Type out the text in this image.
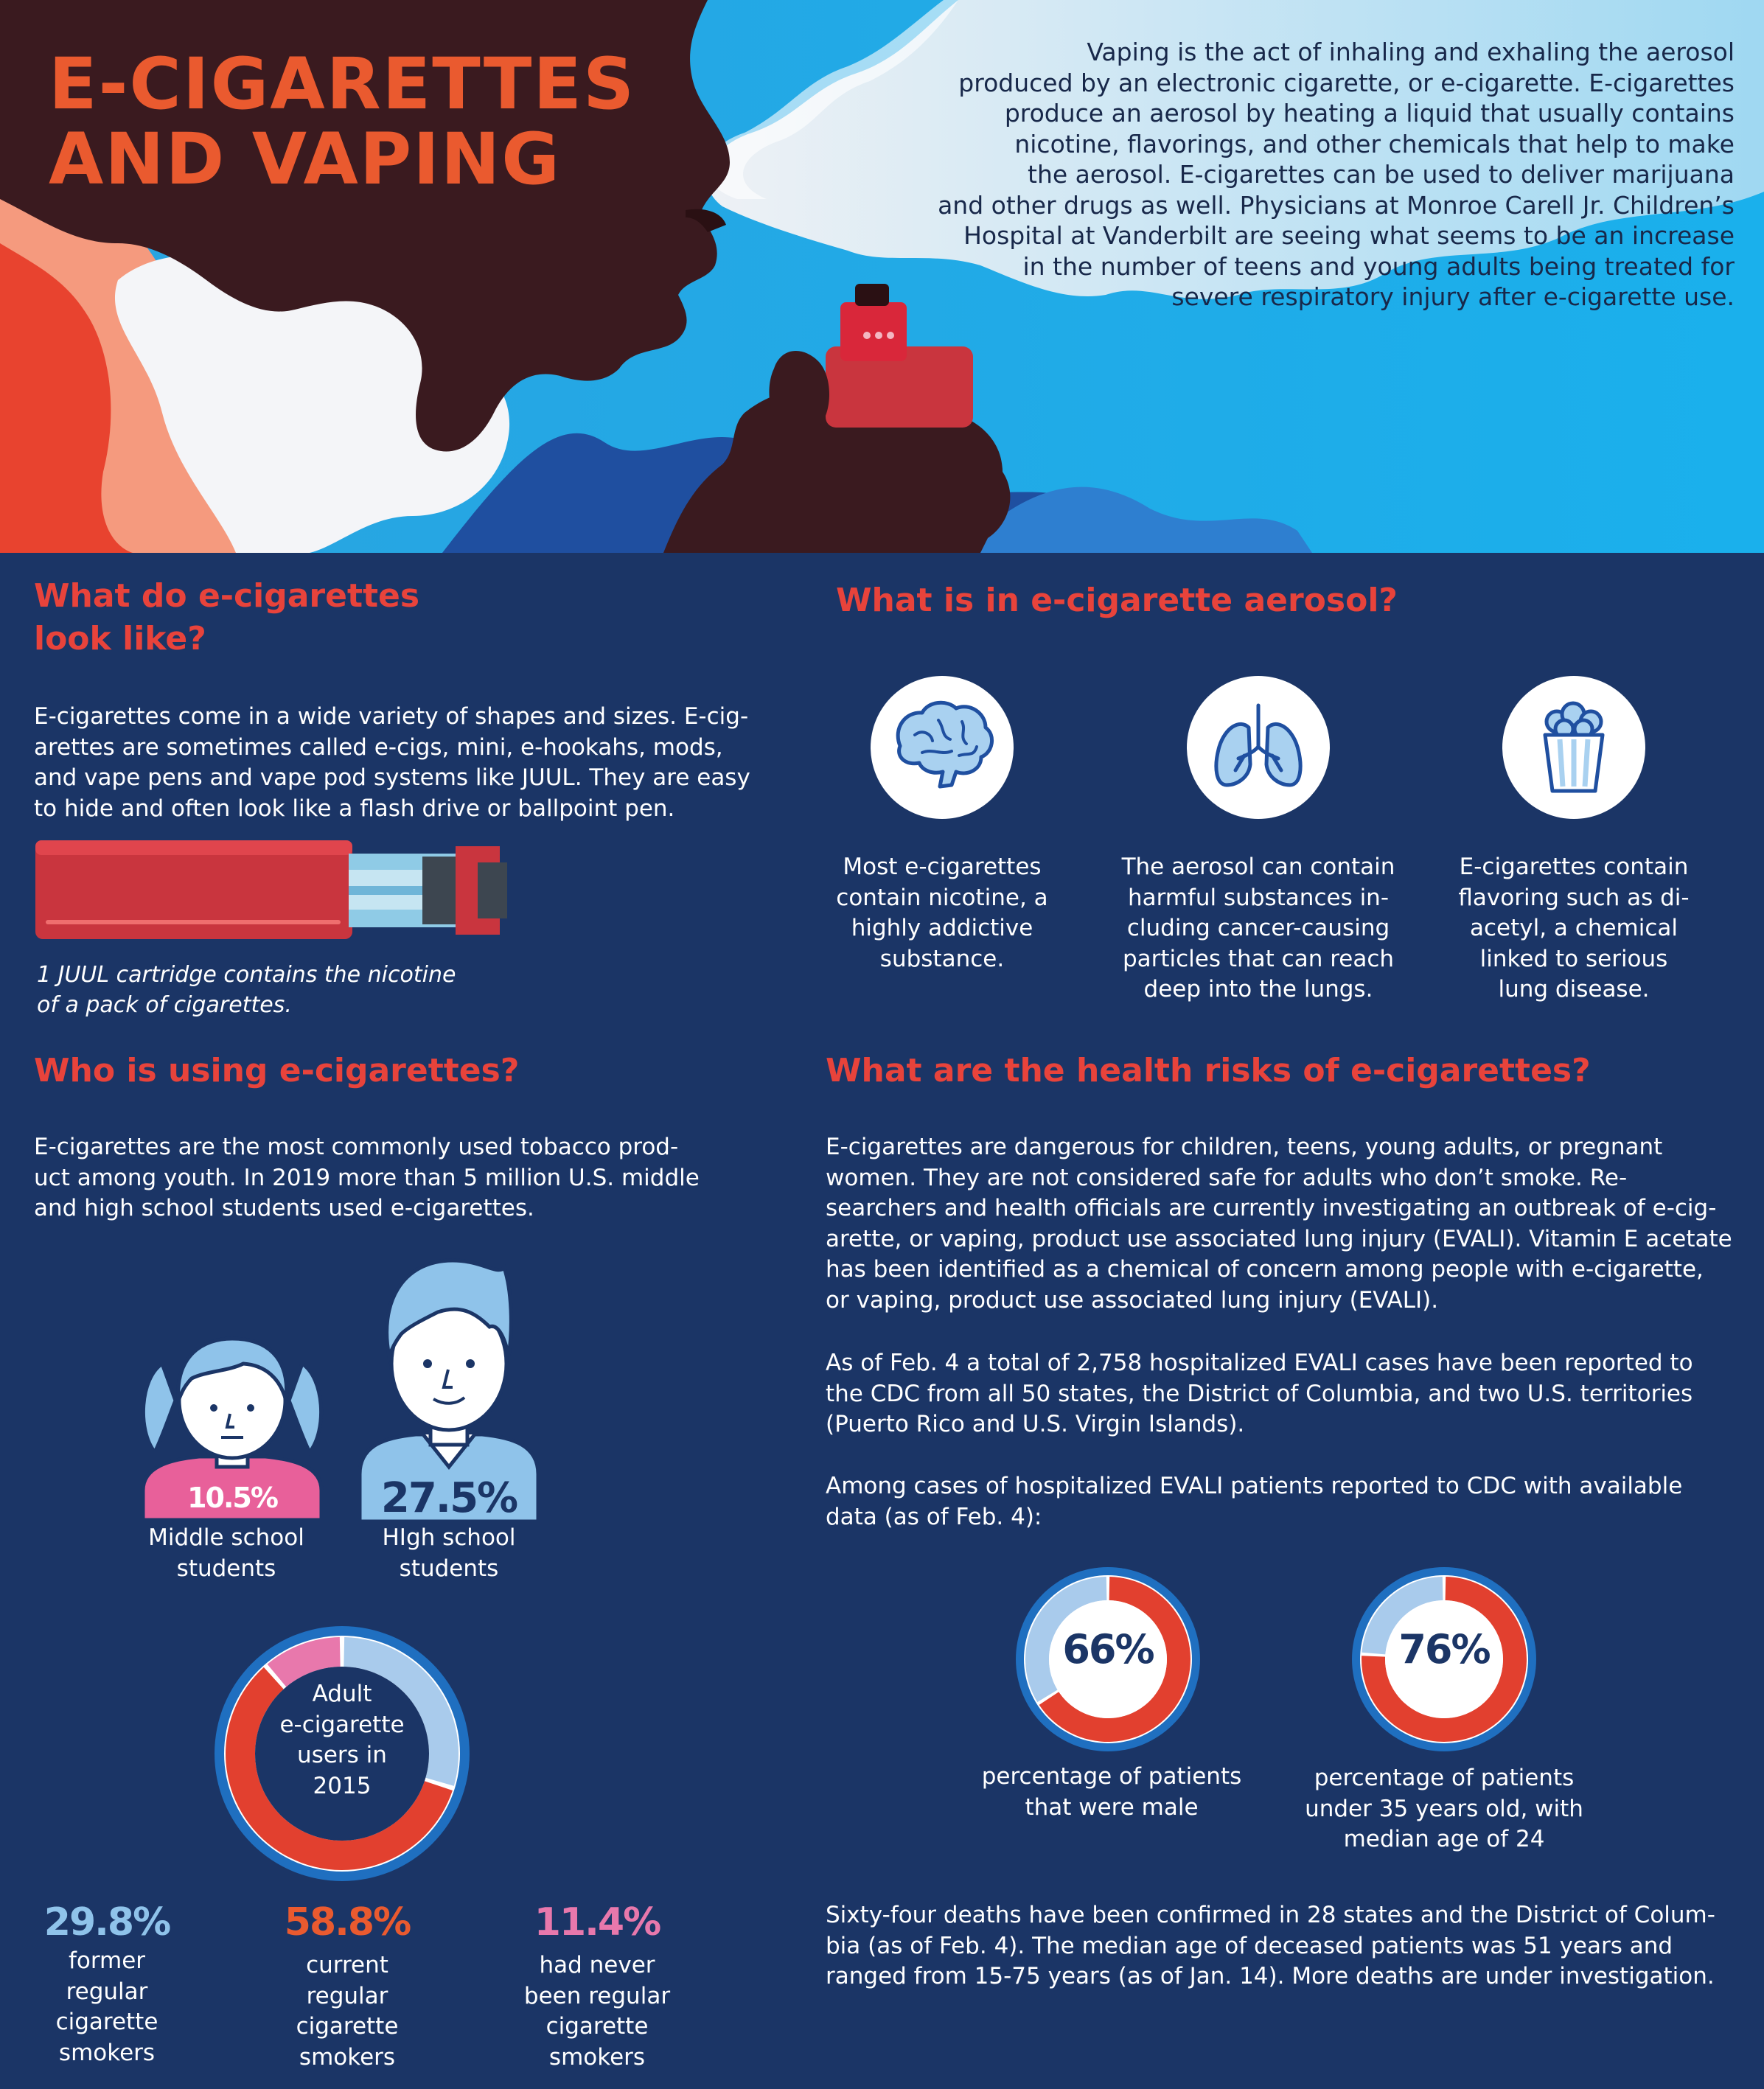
E-CIGARETTES
AND VAPING
Vaping is the act of inhaling and exhaling the aerosol
produced by an electronic cigarette, or e-cigarette. E-cigarettes
produce an aerosol by heating a liquid that usually contains
nicotine, flavorings, and other chemicals that help to make
the aerosol. E-cigarettes can be used to deliver marijuana
and other drugs as well. Physicians at Monroe Carell Jr. Children’s
Hospital at Vanderbilt are seeing what seems to be an increase
in the number of teens and young adults being treated for
severe respiratory injury after e-cigarette use.
What do e-cigarettes
look like?
E-cigarettes come in a wide variety of shapes and sizes. E-cig-
arettes are sometimes called e-cigs, mini, e-hookahs, mods,
and vape pens and vape pod systems like JUUL. They are easy
to hide and often look like a flash drive or ballpoint pen.
1 JUUL cartridge contains the nicotine
of a pack of cigarettes.
What is in e-cigarette aerosol?
Most e-cigarettes
contain nicotine, a
highly addictive
substance.
The aerosol can contain
harmful substances in-
cluding cancer-causing
particles that can reach
deep into the lungs.
E-cigarettes contain
flavoring such as di-
acetyl, a chemical
linked to serious
lung disease.
Who is using e-cigarettes?
E-cigarettes are the most commonly used tobacco prod-
uct among youth. In 2019 more than 5 million U.S. middle
and high school students used e-cigarettes.
10.5%	27.5%
Middle school
students
HIgh school
students
Adult
e-cigarette
users in
2015
29.8%
former
regular
cigarette
smokers
58.8%
current
regular
cigarette
smokers
11.4%
had never
been regular
cigarette
smokers
What are the health risks of e-cigarettes?
E-cigarettes are dangerous for children, teens, young adults, or pregnant
women. They are not considered safe for adults who don’t smoke. Re-
searchers and health officials are currently investigating an outbreak of e-cig-
arette, or vaping, product use associated lung injury (EVALI). Vitamin E acetate
has been identified as a chemical of concern among people with e-cigarette,
or vaping, product use associated lung injury (EVALI).
As of Feb. 4 a total of 2,758 hospitalized EVALI cases have been reported to
the CDC from all 50 states, the District of Columbia, and two U.S. territories
(Puerto Rico and U.S. Virgin Islands).
Among cases of hospitalized EVALI patients reported to CDC with available
data (as of Feb. 4):
66%	76%
percentage of patients
that were male
percentage of patients
under 35 years old, with
median age of 24
Sixty-four deaths have been confirmed in 28 states and the District of Colum-
bia (as of Feb. 4). The median age of deceased patients was 51 years and
ranged from 15-75 years (as of Jan. 14). More deaths are under investigation.
